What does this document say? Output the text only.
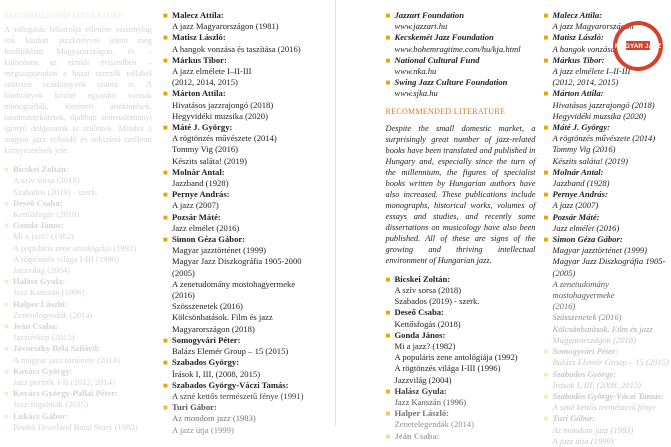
RECOMMENDED LITERATURE
A válogatás felsorolja ellenére viszonylag sok kiadott jazzkönyvet jelent meg fordítókban Magyarországon, és – különösen az elmúlt évtizedben – megszaporodott a hazai szerzők tollából született szakkönyvek száma is. A kiadványok között egyaránt vannak monográfiák, történeti áttekintések, tanulmánykötetek, újabban zenetudományi igényű dolgozatok is születtek. Mindez a magyar jazz erősödő és sokszínű szellemi környezetének jele.
■ Bicskei Zoltán:
A szív sorsa (2018)
Szabados (2019) - szerk.
■ Deseő Csaba:
Kettősfogás (2018)
■ Gonda János:
Mi a jazz? (1982)
A populáris zene antológiája (1992)
A rögtönzés világa I-III (1996)
Jazzvilág (2004)
■ Halász Gyula:
Jazz Kanszán (1996)
■ Halper László:
Zenetelegendák (2014)
■ Jeán Csaba:
Jazztérkép (2015)
■ Jávorszky Béla Szilárd:
A magyar jazz története (2014)
■ Kovács György:
Jazz portrék I-II (2012, 2014)
■ Kovács György-Pallai Péter:
Jazz-fogalmak (2015)
■ Lukács Gábor:
Benkó Dixieland Band Story (1982)
■ Malecz Attila:
A jazz Magyarországon (1981)
■ Matisz László:
A hangok vonzása és taszítása (2016)
■ Márkus Tibor:
A jazz elmélete I–II-III
(2012, 2014, 2015)
■ Márton Attila:
Hivatásos jazzrajongó (2018)
Hegyvidéki muzsika (2020)
■ Máté J. György:
A rögtönzés művészete (2014)
Tommy Vig (2016)
Készits saláta! (2019)
■ Molnár Antal:
Jazzband (1928)
■ Pernye András:
A jazz (2007)
■ Pozsár Máté:
Jazz elmélet (2016)
■ Simon Géza Gábor:
Magyar jazztörténet (1999)
Magyar Jazz Diszkográfia 1905-2000
(2005)
A zenetudomány mostohagyermeke
(2016)
Szösszenetek (2016)
Kölcsönhatások. Film és jazz
Magyarországon (2018)
■ Somogyvári Péter:
Balázs Elemér Group – 15 (2015)
■ Szabados György:
Írások I, III, (2008, 2015)
■ Szabados György-Váczi Tamás:
A szné kettős természetű fénye (1991)
■ Turi Gábor:
Az mondom jazz (1983)
A jazz útja (1999)
■ Jazzart Foundation
www.jazzart.hu
■ Kecskemét Jazz Foundation
www.bohemragtime.com/hu/kja.html
■ National Cultural Fund
www.nka.hu
■ Swing Jazz Culture Foundation
www.sjka.hu
RECOMMENDED LITERATURE
Despite the small domestic market, a surprisingly great number of jazz-related books have been translated and published in Hungary and, especially since the turn of the millennium, the figures of specialist books written by Hungarian authors have also increased. These publications include monographs, historical works, volumes of essays and studies, and recently some dissertations on musicology have also been published. All of these are signs of the growing and thriving intellectual environment of Hungarian jazz.
■ Bicskei Zoltán:
A szív sorsa (2018)
Szabados (2019) - szerk.
■ Deseő Csaba:
Kettősfogás (2018)
■ Gonda János:
Mi a jazz? (1982)
A populáris zene antológiája (1992)
A rögtönzés világa I-III (1996)
Jazzvilág (2004)
■ Halász Gyula:
Jazz Kanszán (1996)
■ Halper László:
Zenetelegendák (2014)
■ Jeán Csaba:
■ Malecz Attila:
A jazz Magyarországon
■ Matisz László:
A hangok vonzása
■ Márkus Tibor:
A jazz elmélete I–II-III
(2012, 2014, 2015)
■ Márton Attila:
Hivatásos jazzrajongó (2018)
Hegyvidéki muzsika (2020)
■ Máté J. György:
A rögtönzés művészete (2014)
Tommy Vig (2016)
Készits saláta! (2019)
■ Molnár Antal:
Jazzband (1928)
■ Pernye András:
A jazz (2007)
■ Pozsár Máté:
Jazz elmélet (2016)
■ Simon Géza Gábor:
Magyar jazztörténet (1999)
Magyar Jazz Diszkográfia 1905-
(2005)
A zenetudomány mostohagyermeke
(2016)
Szösszenetek (2016)
Kölcsönhatások. Film és jazz
Magyarországon (2018)
■ Somogyvári Péter:
Balázs Elemér Group – 15 (2015)
■ Szabados György:
Írások I, III, (2008, 2015)
■ Szabados György-Váczi Tamás:
A szné kettős természetű fénye
■ Turi Gábor:
Az mondom jazz (1983)
A jazz útja (1999)
MAGYAR JAZZ
